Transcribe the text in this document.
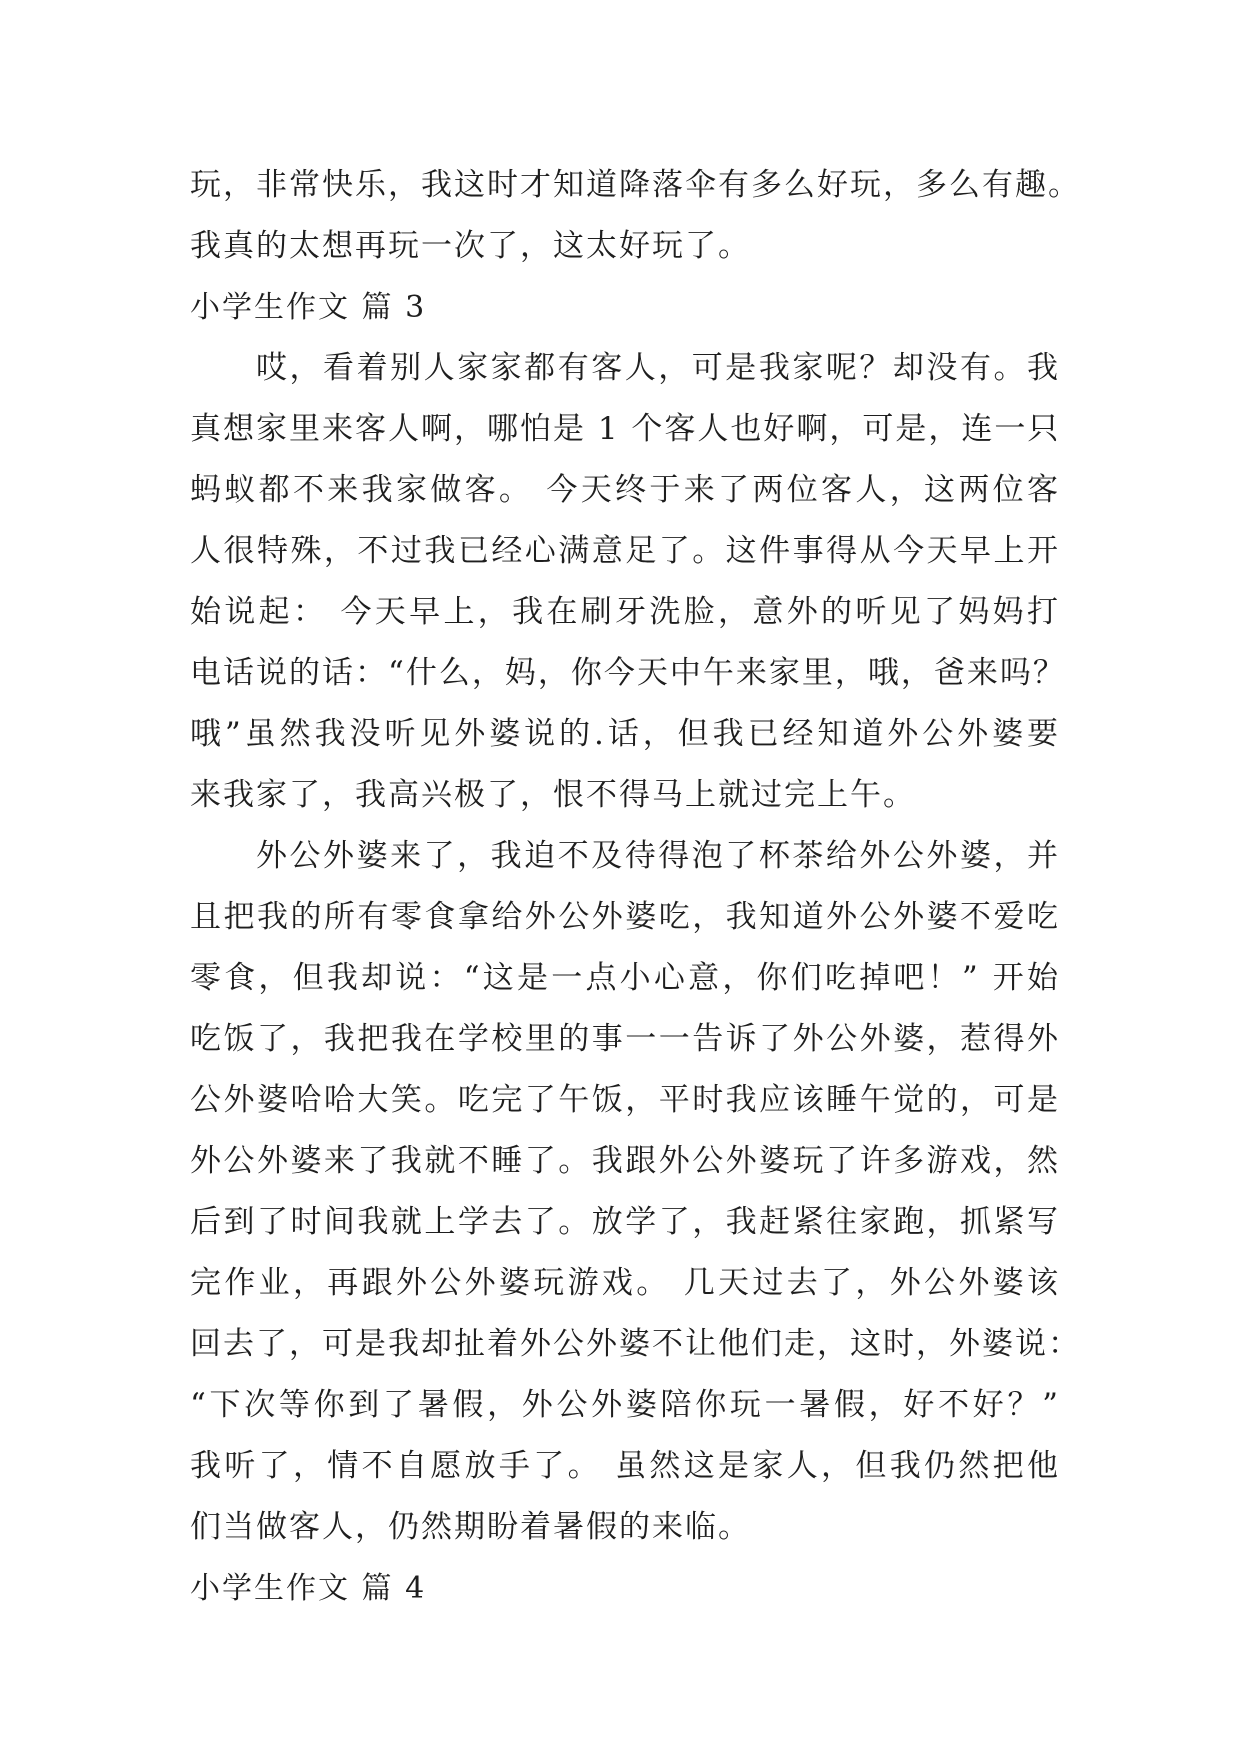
玩，非常快乐，我这时才知道降落伞有多么好玩，多么有趣。
我真的太想再玩一次了，这太好玩了。
小学生作文 篇 3
哎，看着别人家家都有客人，可是我家呢？却没有。我
真想家里来客人啊，哪怕是 1 个客人也好啊，可是，连一只
蚂蚁都不来我家做客。 今天终于来了两位客人，这两位客
人很特殊，不过我已经心满意足了。这件事得从今天早上开
始说起： 今天早上，我在刷牙洗脸，意外的听见了妈妈打
电话说的话：“什么，妈，你今天中午来家里，哦，爸来吗？
哦”虽然我没听见外婆说的.话，但我已经知道外公外婆要
来我家了，我高兴极了，恨不得马上就过完上午。
外公外婆来了，我迫不及待得泡了杯茶给外公外婆，并
且把我的所有零食拿给外公外婆吃，我知道外公外婆不爱吃
零食，但我却说：“这是一点小心意，你们吃掉吧！” 开始
吃饭了，我把我在学校里的事一一告诉了外公外婆，惹得外
公外婆哈哈大笑。吃完了午饭，平时我应该睡午觉的，可是
外公外婆来了我就不睡了。我跟外公外婆玩了许多游戏，然
后到了时间我就上学去了。放学了，我赶紧往家跑，抓紧写
完作业，再跟外公外婆玩游戏。 几天过去了，外公外婆该
回去了，可是我却扯着外公外婆不让他们走，这时，外婆说：
“下次等你到了暑假，外公外婆陪你玩一暑假，好不好？”
我听了，情不自愿放手了。 虽然这是家人，但我仍然把他
们当做客人，仍然期盼着暑假的来临。
小学生作文 篇 4
